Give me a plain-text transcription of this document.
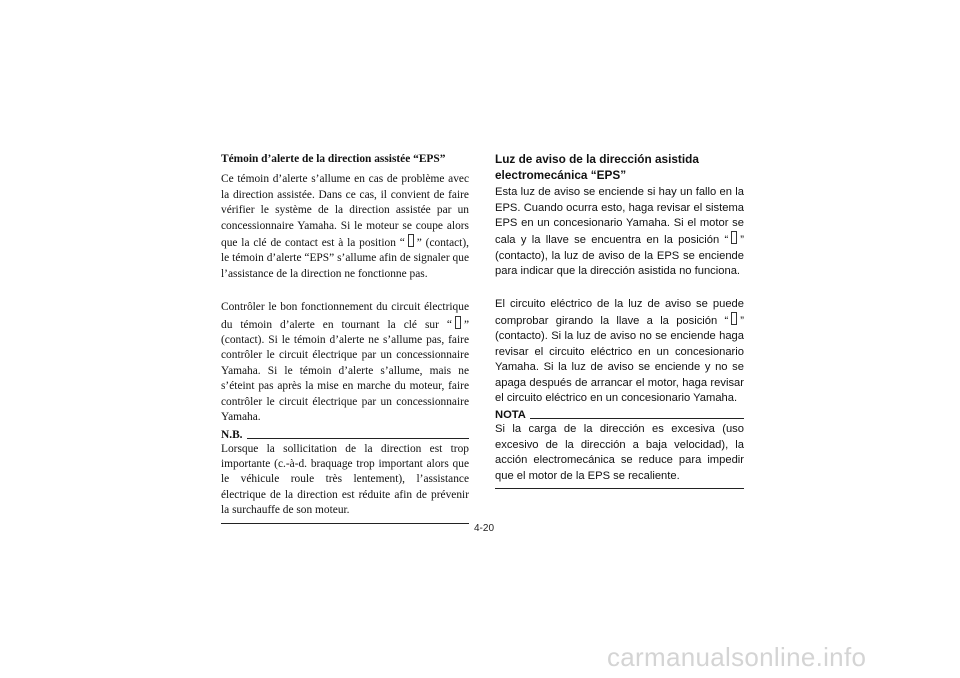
Témoin d’alerte de la direction assistée “EPS”

Ce témoin d’alerte s’allume en cas de problème avec la direction assistée. Dans ce cas, il convient de faire vérifier le système de la direction assistée par un concessionnaire Yamaha. Si le moteur se coupe alors que la clé de contact est à la position “ ” (contact), le témoin d’alerte “EPS” s’allume afin de signaler que l’assistance de la direction ne fonctionne pas.

Contrôler le bon fonctionnement du circuit électrique du témoin d’alerte en tournant la clé sur “ ” (contact). Si le témoin d’alerte ne s’allume pas, faire contrôler le circuit électrique par un concessionnaire Yamaha. Si le témoin d’alerte s’allume, mais ne s’éteint pas après la mise en marche du moteur, faire contrôler le circuit électrique par un concessionnaire Yamaha.

N.B.

Lorsque la sollicitation de la direction est trop importante (c.-à-d. braquage trop important alors que le véhicule roule très lentement), l’assistance électrique de la direction est réduite afin de prévenir la surchauffe de son moteur.

Luz de aviso de la dirección asistida electromecánica “EPS”

Esta luz de aviso se enciende si hay un fallo en la EPS. Cuando ocurra esto, haga revisar el sistema EPS en un concesionario Yamaha. Si el motor se cala y la llave se encuentra en la posición “ ” (contacto), la luz de aviso de la EPS se enciende para indicar que la dirección asistida no funciona.

El circuito eléctrico de la luz de aviso se puede comprobar girando la llave a la posición “ ” (contacto). Si la luz de aviso no se enciende haga revisar el circuito eléctrico en un concesionario Yamaha. Si la luz de aviso se enciende y no se apaga después de arrancar el motor, haga revisar el circuito eléctrico en un concesionario Yamaha.

NOTA

Si la carga de la dirección es excesiva (uso excesivo de la dirección a baja velocidad), la acción electromecánica se reduce para impedir que el motor de la EPS se recaliente.

4-20
carmanualsonline.info
